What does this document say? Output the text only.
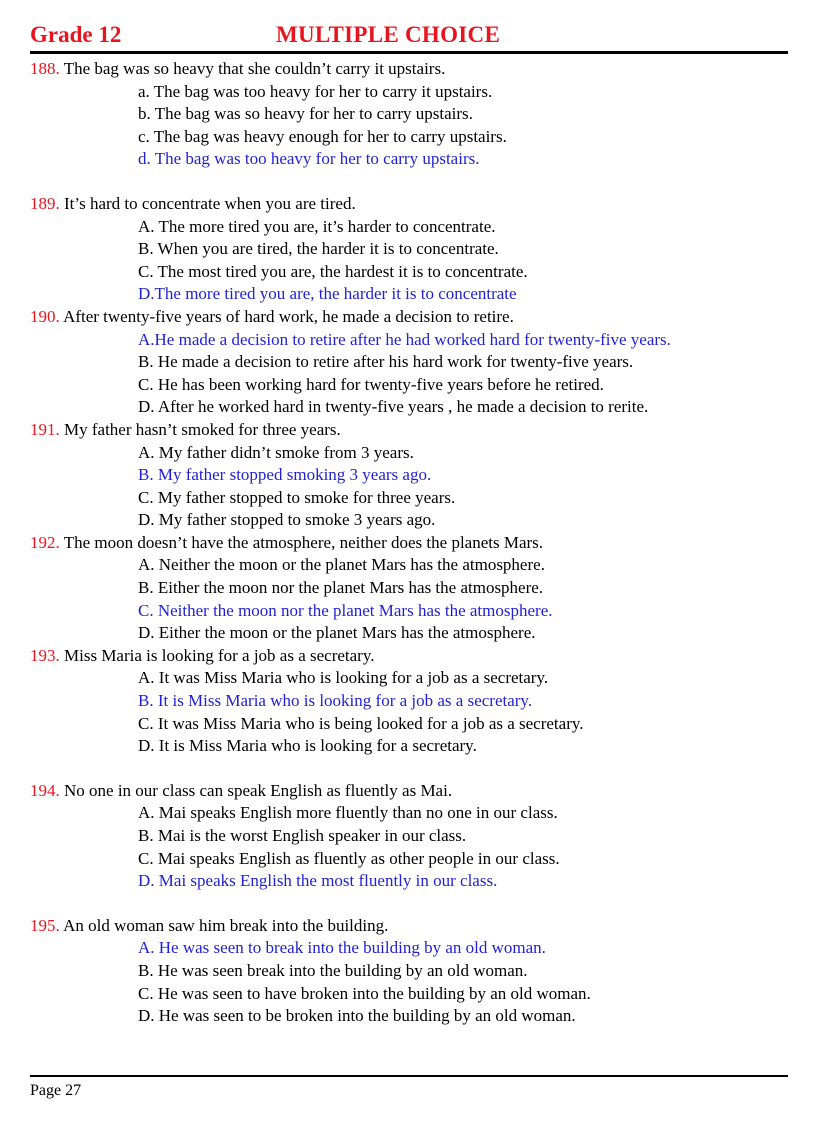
Grade 12	MULTIPLE CHOICE
188. The bag was so heavy that she couldn’t carry it upstairs.
a. The bag was too heavy for her to carry it upstairs.
b. The bag was so heavy for her to carry upstairs.
c. The bag was heavy enough for her to carry upstairs.
d. The bag was too heavy for her to carry upstairs.
189. It’s hard to concentrate when you are tired.
A. The more tired you are, it’s harder to concentrate.
B. When you are tired, the harder it is to concentrate.
C. The most tired you are, the hardest it is to concentrate.
D.The more tired you are, the harder it is to concentrate
190. After twenty-five years of hard work, he made a decision to retire.
A.He made a decision to retire after he had worked hard for twenty-five years.
B. He made a decision to retire after his hard work for twenty-five years.
C. He has been working hard for twenty-five years before he retired.
D. After he worked hard in twenty-five years , he made a decision to rerite.
191. My father hasn’t smoked for three years.
A. My father didn’t smoke from 3 years.
B. My father stopped smoking 3 years ago.
C. My father stopped to smoke for three years.
D. My father stopped to smoke 3 years ago.
192. The moon doesn’t have the atmosphere, neither does the planets Mars.
A. Neither the moon or the planet Mars has the atmosphere.
B. Either the moon nor the planet Mars has the atmosphere.
C. Neither the moon nor the planet Mars has the atmosphere.
D. Either the moon or the planet Mars has the atmosphere.
193. Miss Maria is looking for a job as a secretary.
A. It was Miss Maria who is looking for a job as a secretary.
B. It is Miss Maria who is looking for a job as a secretary.
C. It was Miss Maria who is being looked for a job as a secretary.
D. It is Miss Maria who is looking for a secretary.
194. No one in our class can speak English as fluently as Mai.
A. Mai speaks English more fluently than no one in our class.
B. Mai is the worst English speaker in our class.
C. Mai speaks English as fluently as other people in our class.
D. Mai speaks English the most fluently in our class.
195. An old woman saw him break into the building.
A. He was seen to break into the building by an old woman.
B. He was seen break into the building by an old woman.
C. He was seen to have broken into the building by an old woman.
D. He was seen to be broken into the building by an old woman.
Page 27
